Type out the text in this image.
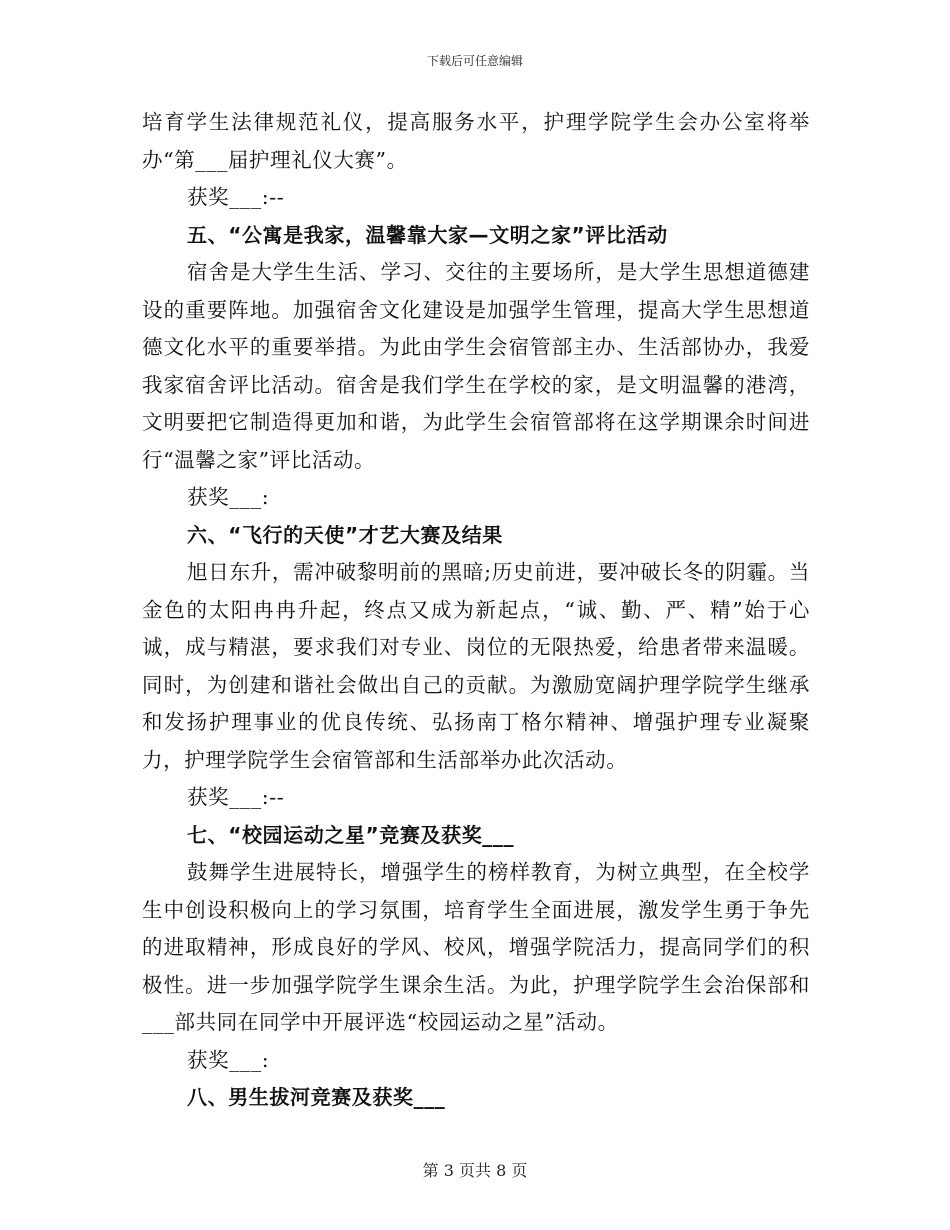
下载后可任意编辑

培育学生法律规范礼仪，提高服务水平，护理学院学生会办公室将举办“第___届护理礼仪大赛”。

获奖___:--

五、“公寓是我家，温馨靠大家—文明之家”评比活动

宿舍是大学生生活、学习、交往的主要场所，是大学生思想道德建设的重要阵地。加强宿舍文化建设是加强学生管理，提高大学生思想道德文化水平的重要举措。为此由学生会宿管部主办、生活部协办，我爱我家宿舍评比活动。宿舍是我们学生在学校的家，是文明温馨的港湾，文明要把它制造得更加和谐，为此学生会宿管部将在这学期课余时间进行“温馨之家”评比活动。

获奖___:

六、“飞行的天使”才艺大赛及结果

旭日东升，需冲破黎明前的黑暗;历史前进，要冲破长冬的阴霾。当金色的太阳冉冉升起，终点又成为新起点，“诚、勤、严、精”始于心诚，成与精湛，要求我们对专业、岗位的无限热爱，给患者带来温暖。同时，为创建和谐社会做出自己的贡献。为激励宽阔护理学院学生继承和发扬护理事业的优良传统、弘扬南丁格尔精神、增强护理专业凝聚力，护理学院学生会宿管部和生活部举办此次活动。

获奖___:--

七、“校园运动之星”竞赛及获奖___

鼓舞学生进展特长，增强学生的榜样教育，为树立典型，在全校学生中创设积极向上的学习氛围，培育学生全面进展，激发学生勇于争先的进取精神，形成良好的学风、校风，增强学院活力，提高同学们的积极性。进一步加强学院学生课余生活。为此，护理学院学生会治保部和___部共同在同学中开展评选“校园运动之星”活动。

获奖___:

八、男生拔河竞赛及获奖___

第 3 页共 8 页
